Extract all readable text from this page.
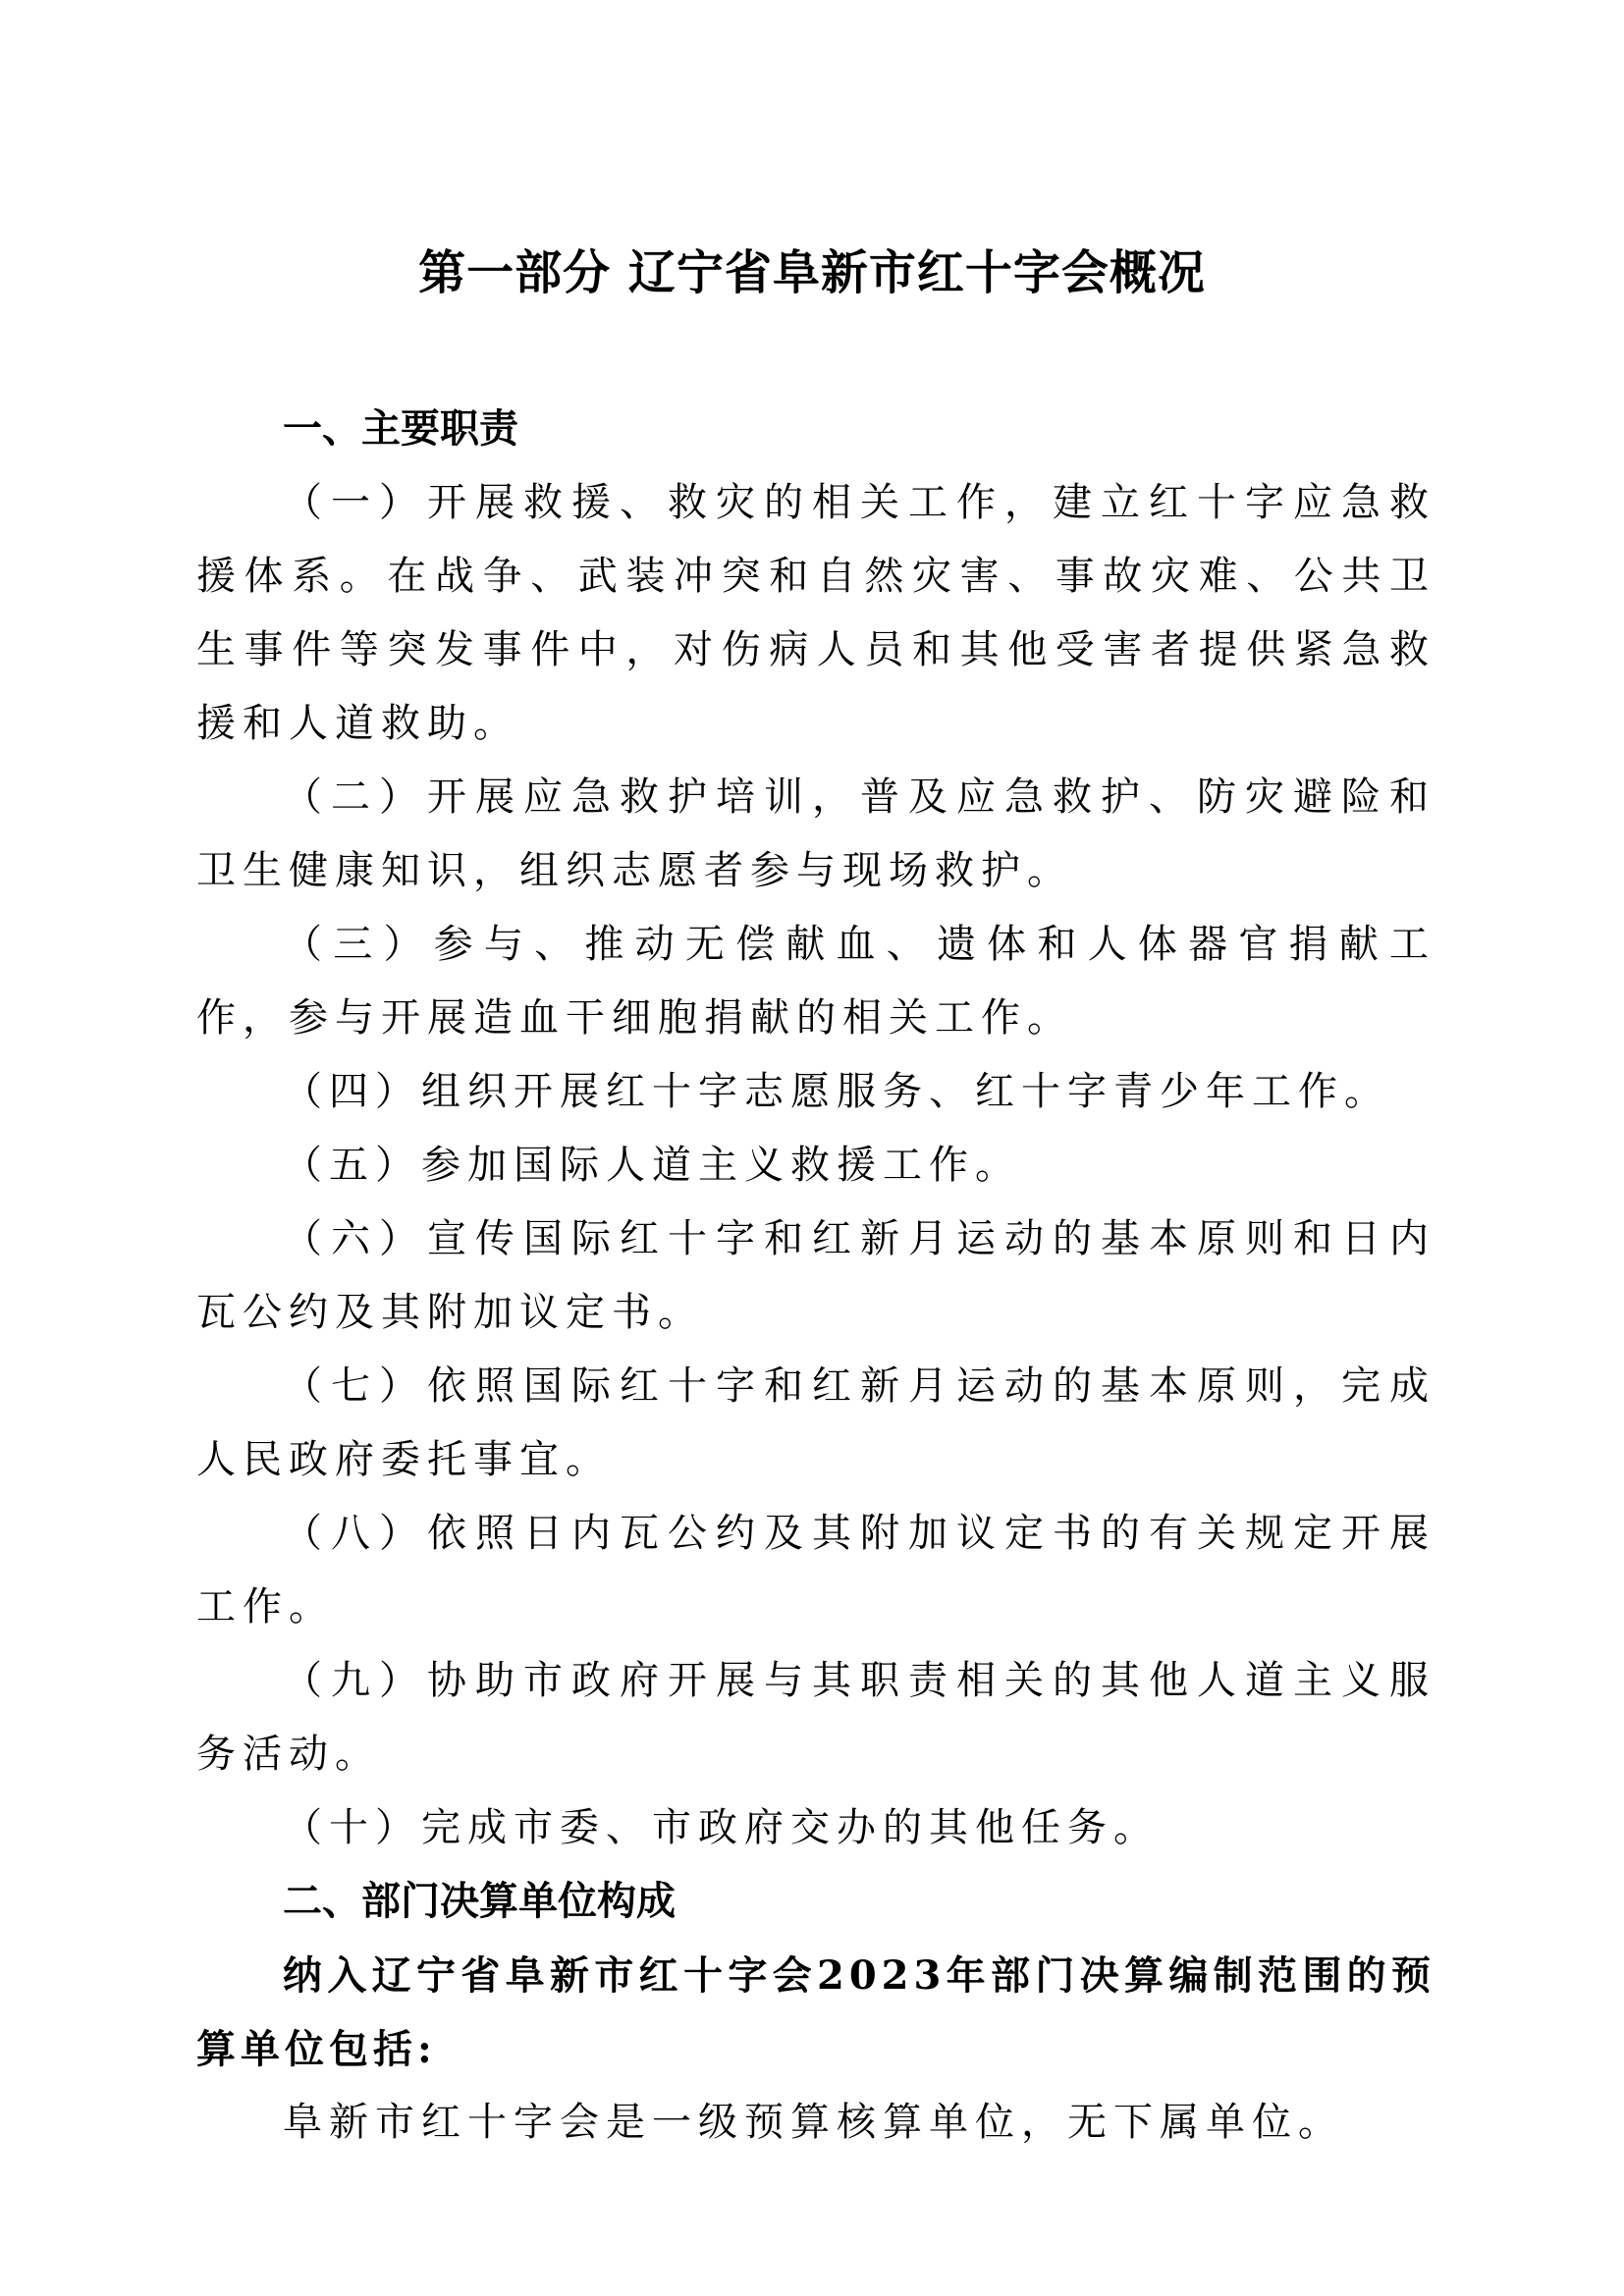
第一部分 辽宁省阜新市红十字会概况

一、主要职责

（一）开展救援、救灾的相关工作，建立红十字应急救援体系。在战争、武装冲突和自然灾害、事故灾难、公共卫生事件等突发事件中，对伤病人员和其他受害者提供紧急救援和人道救助。

（二）开展应急救护培训，普及应急救护、防灾避险和卫生健康知识，组织志愿者参与现场救护。

（三）参与、推动无偿献血、遗体和人体器官捐献工作，参与开展造血干细胞捐献的相关工作。

（四）组织开展红十字志愿服务、红十字青少年工作。

（五）参加国际人道主义救援工作。

（六）宣传国际红十字和红新月运动的基本原则和日内瓦公约及其附加议定书。

（七）依照国际红十字和红新月运动的基本原则，完成人民政府委托事宜。

（八）依照日内瓦公约及其附加议定书的有关规定开展工作。

（九）协助市政府开展与其职责相关的其他人道主义服务活动。

（十）完成市委、市政府交办的其他任务。

二、部门决算单位构成

纳入辽宁省阜新市红十字会2023年部门决算编制范围的预算单位包括:

阜新市红十字会是一级预算核算单位，无下属单位。
